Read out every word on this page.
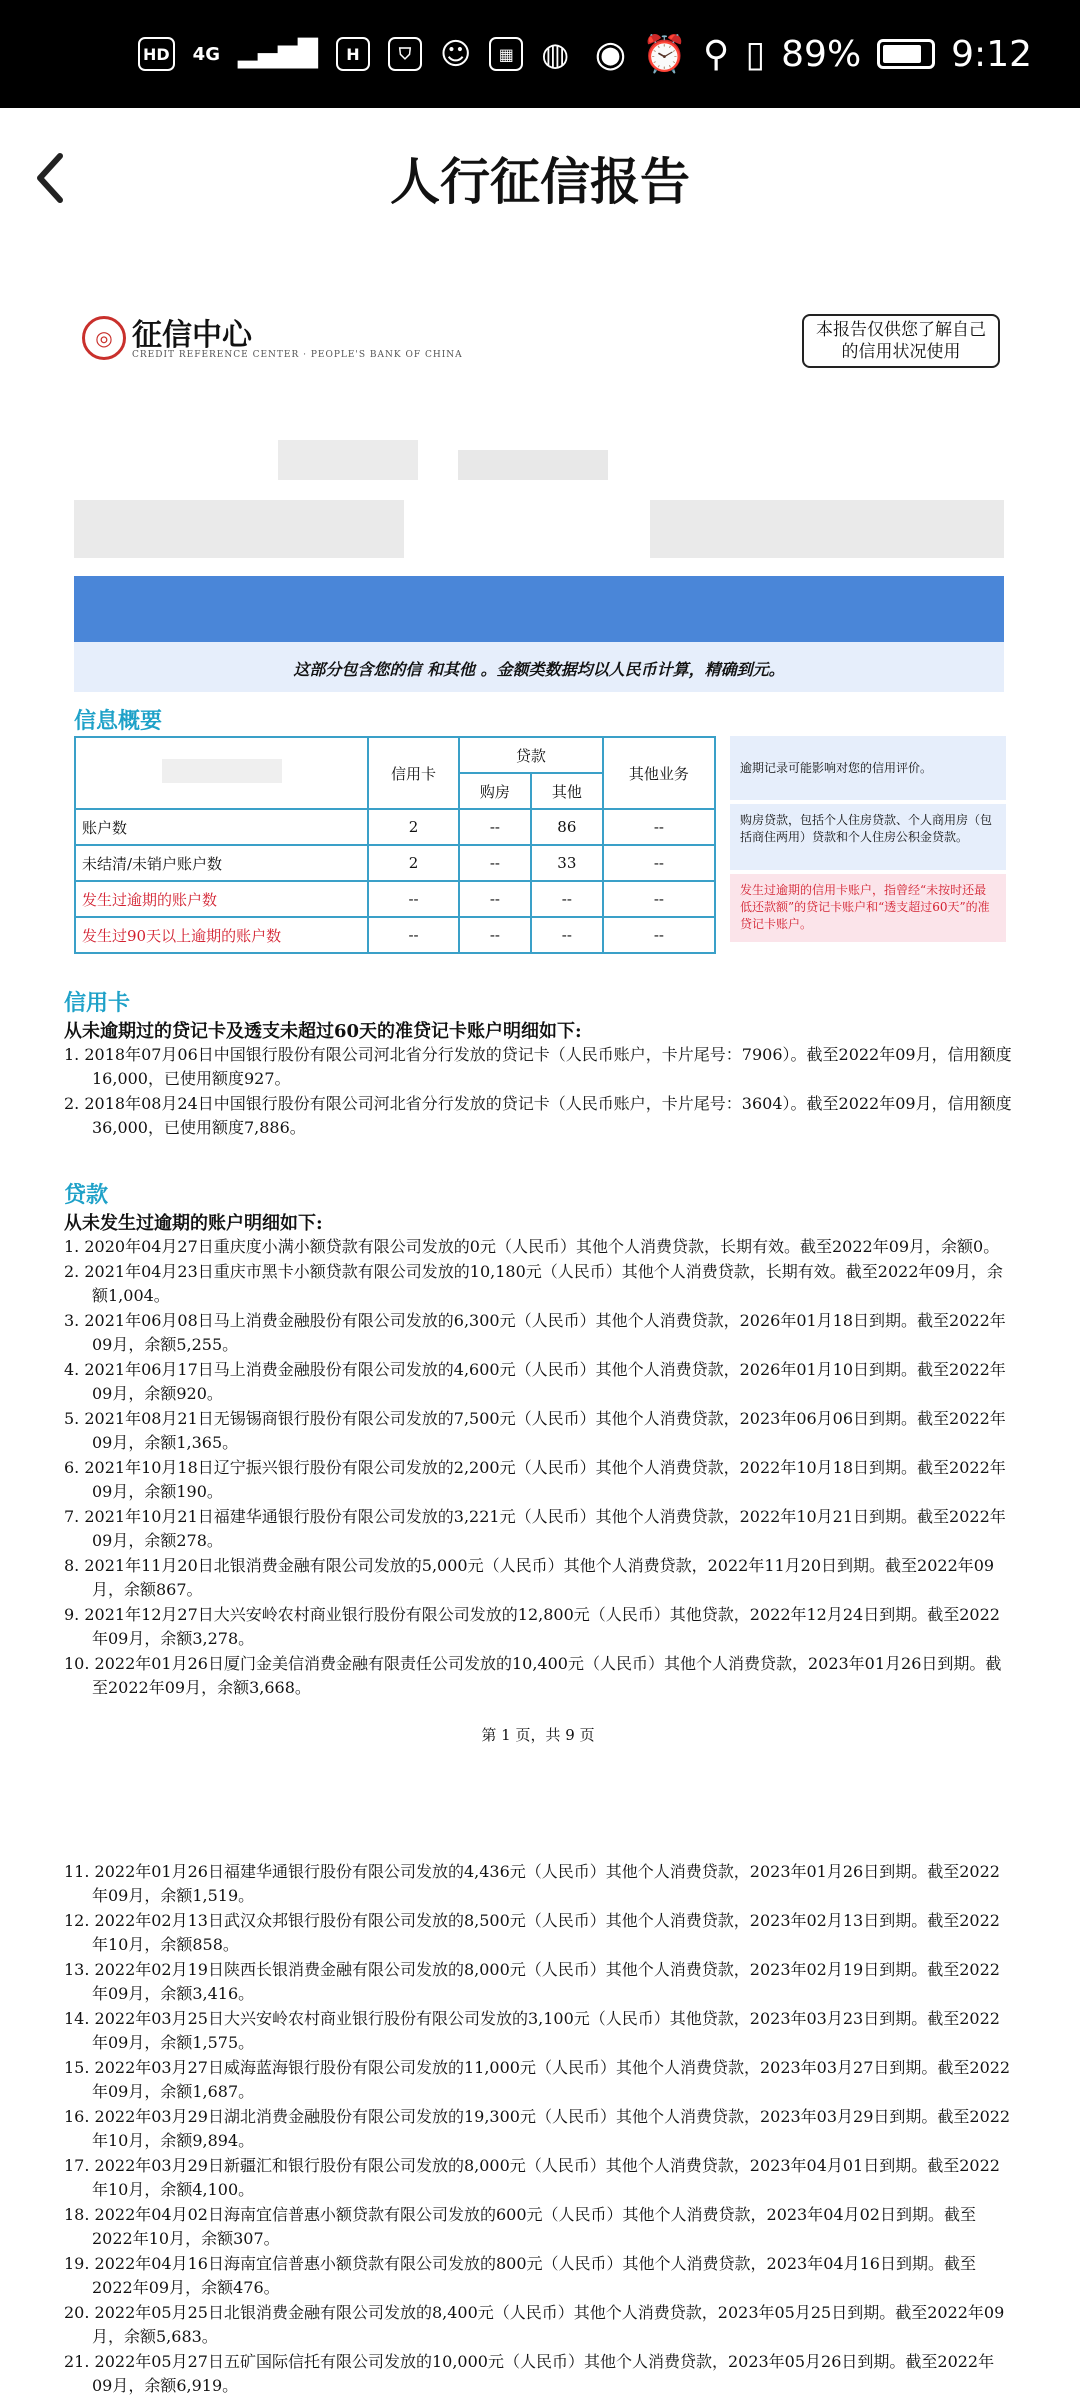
HD 4G ▂▄▆█	H	⛉ ☺	▦ ◍ ◉ ⏰ ⚲ ▯ 89%	9:12
人行征信报告
◎ 征信中心
CREDIT REFERENCE CENTER · PEOPLE'S BANK OF CHINA
本报告仅供您了解自己的信用状况使用
这部分包含您的信 和其他 。金额类数据均以人民币计算，精确到元。
信息概要
	信用卡	贷款		其他业务
		购房	其他	
账户数	2	--	86	--
未结清/未销户账户数	2	--	33	--
发生过逾期的账户数	--	--	--	--
发生过90天以上逾期的账户数	--	--	--	--
逾期记录可能影响对您的信用评价。
购房贷款，包括个人住房贷款、个人商用房（包括商住两用）贷款和个人住房公积金贷款。
发生过逾期的信用卡账户，指曾经“未按时还最低还款额”的贷记卡账户和“透支超过60天”的准贷记卡账户。
信用卡
从未逾期过的贷记卡及透支未超过60天的准贷记卡账户明细如下:
1. 2018年07月06日中国银行股份有限公司河北省分行发放的贷记卡（人民币账户，卡片尾号：7906）。截至2022年09月，信用额度16,000，已使用额度927。
2. 2018年08月24日中国银行股份有限公司河北省分行发放的贷记卡（人民币账户，卡片尾号：3604）。截至2022年09月，信用额度36,000，已使用额度7,886。
贷款
从未发生过逾期的账户明细如下:
1. 2020年04月27日重庆度小满小额贷款有限公司发放的0元（人民币）其他个人消费贷款，长期有效。截至2022年09月，余额0。
2. 2021年04月23日重庆市黑卡小额贷款有限公司发放的10,180元（人民币）其他个人消费贷款，长期有效。截至2022年09月，余额1,004。
3. 2021年06月08日马上消费金融股份有限公司发放的6,300元（人民币）其他个人消费贷款，2026年01月18日到期。截至2022年09月，余额5,255。
4. 2021年06月17日马上消费金融股份有限公司发放的4,600元（人民币）其他个人消费贷款，2026年01月10日到期。截至2022年09月，余额920。
5. 2021年08月21日无锡锡商银行股份有限公司发放的7,500元（人民币）其他个人消费贷款，2023年06月06日到期。截至2022年09月，余额1,365。
6. 2021年10月18日辽宁振兴银行股份有限公司发放的2,200元（人民币）其他个人消费贷款，2022年10月18日到期。截至2022年09月，余额190。
7. 2021年10月21日福建华通银行股份有限公司发放的3,221元（人民币）其他个人消费贷款，2022年10月21日到期。截至2022年09月，余额278。
8. 2021年11月20日北银消费金融有限公司发放的5,000元（人民币）其他个人消费贷款，2022年11月20日到期。截至2022年09月，余额867。
9. 2021年12月27日大兴安岭农村商业银行股份有限公司发放的12,800元（人民币）其他贷款，2022年12月24日到期。截至2022年09月，余额3,278。
10. 2022年01月26日厦门金美信消费金融有限责任公司发放的10,400元（人民币）其他个人消费贷款，2023年01月26日到期。截至2022年09月，余额3,668。
第 1 页，共 9 页
11. 2022年01月26日福建华通银行股份有限公司发放的4,436元（人民币）其他个人消费贷款，2023年01月26日到期。截至2022年09月，余额1,519。
12. 2022年02月13日武汉众邦银行股份有限公司发放的8,500元（人民币）其他个人消费贷款，2023年02月13日到期。截至2022年10月，余额858。
13. 2022年02月19日陕西长银消费金融有限公司发放的8,000元（人民币）其他个人消费贷款，2023年02月19日到期。截至2022年09月，余额3,416。
14. 2022年03月25日大兴安岭农村商业银行股份有限公司发放的3,100元（人民币）其他贷款，2023年03月23日到期。截至2022年09月，余额1,575。
15. 2022年03月27日威海蓝海银行股份有限公司发放的11,000元（人民币）其他个人消费贷款，2023年03月27日到期。截至2022年09月，余额1,687。
16. 2022年03月29日湖北消费金融股份有限公司发放的19,300元（人民币）其他个人消费贷款，2023年03月29日到期。截至2022年10月，余额9,894。
17. 2022年03月29日新疆汇和银行股份有限公司发放的8,000元（人民币）其他个人消费贷款，2023年04月01日到期。截至2022年10月，余额4,100。
18. 2022年04月02日海南宜信普惠小额贷款有限公司发放的600元（人民币）其他个人消费贷款，2023年04月02日到期。截至2022年10月，余额307。
19. 2022年04月16日海南宜信普惠小额贷款有限公司发放的800元（人民币）其他个人消费贷款，2023年04月16日到期。截至2022年09月，余额476。
20. 2022年05月25日北银消费金融有限公司发放的8,400元（人民币）其他个人消费贷款，2023年05月25日到期。截至2022年09月，余额5,683。
21. 2022年05月27日五矿国际信托有限公司发放的10,000元（人民币）其他个人消费贷款，2023年05月26日到期。截至2022年09月，余额6,919。
